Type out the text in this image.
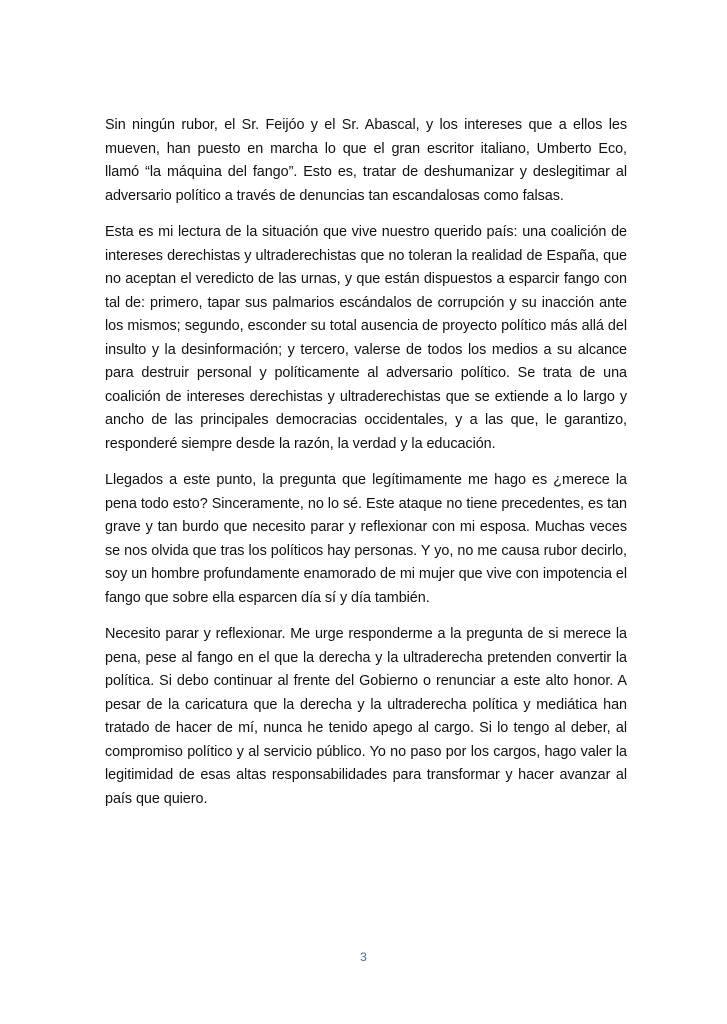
Sin ningún rubor, el Sr. Feijóo y el Sr. Abascal, y los intereses que a ellos les mueven, han puesto en marcha lo que el gran escritor italiano, Umberto Eco, llamó “la máquina del fango”. Esto es, tratar de deshumanizar y deslegitimar al adversario político a través de denuncias tan escandalosas como falsas.

Esta es mi lectura de la situación que vive nuestro querido país: una coalición de intereses derechistas y ultraderechistas que no toleran la realidad de España, que no aceptan el veredicto de las urnas, y que están dispuestos a esparcir fango con tal de: primero, tapar sus palmarios escándalos de corrupción y su inacción ante los mismos; segundo, esconder su total ausencia de proyecto político más allá del insulto y la desinformación; y tercero, valerse de todos los medios a su alcance para destruir personal y políticamente al adversario político. Se trata de una coalición de intereses derechistas y ultraderechistas que se extiende a lo largo y ancho de las principales democracias occidentales, y a las que, le garantizo, responderé siempre desde la razón, la verdad y la educación.

Llegados a este punto, la pregunta que legítimamente me hago es ¿merece la pena todo esto? Sinceramente, no lo sé. Este ataque no tiene precedentes, es tan grave y tan burdo que necesito parar y reflexionar con mi esposa. Muchas veces se nos olvida que tras los políticos hay personas. Y yo, no me causa rubor decirlo, soy un hombre profundamente enamorado de mi mujer que vive con impotencia el fango que sobre ella esparcen día sí y día también.

Necesito parar y reflexionar. Me urge responderme a la pregunta de si merece la pena, pese al fango en el que la derecha y la ultraderecha pretenden convertir la política. Si debo continuar al frente del Gobierno o renunciar a este alto honor. A pesar de la caricatura que la derecha y la ultraderecha política y mediática han tratado de hacer de mí, nunca he tenido apego al cargo. Si lo tengo al deber, al compromiso político y al servicio público. Yo no paso por los cargos, hago valer la legitimidad de esas altas responsabilidades para transformar y hacer avanzar al país que quiero.

3
